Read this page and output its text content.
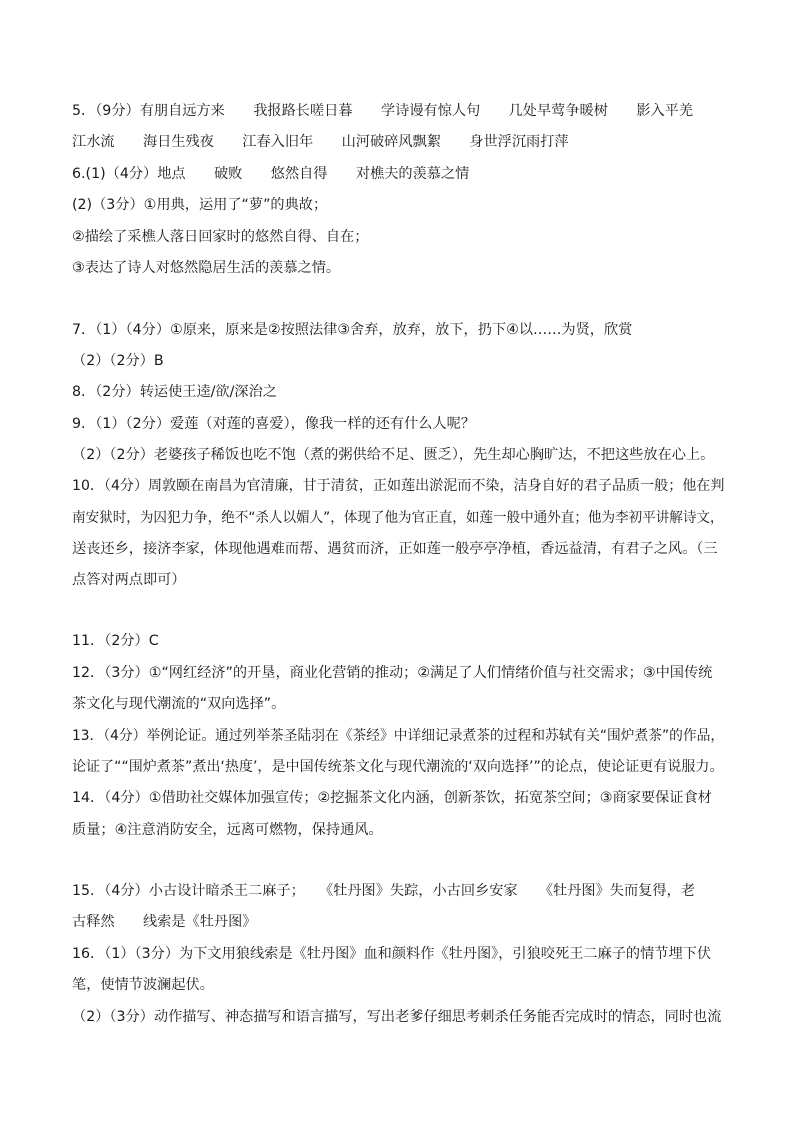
5．（9分）有朋自远方来　　我报路长嗟日暮　　学诗谩有惊人句　　几处早莺争暖树　　影入平羌
江水流　　海日生残夜　　江春入旧年　　山河破碎风飘絮　　身世浮沉雨打萍
6.(1)（4分）地点　　破败　　悠然自得　　对樵夫的羡慕之情
(2)（3分）①用典，运用了“萝”的典故；
②描绘了采樵人落日回家时的悠然自得、自在；
③表达了诗人对悠然隐居生活的羡慕之情。
7．（1）（4分）①原来，原来是②按照法律③舍弃，放弃，放下，扔下④以……为贤，欣赏
（2）（2分）B
8．（2分）转运使王逵/欲/深治之
9．（1）（2分）爱莲（对莲的喜爱），像我一样的还有什么人呢？
（2）（2分）老婆孩子稀饭也吃不饱（煮的粥供给不足、匮乏），先生却心胸旷达，不把这些放在心上。
10．（4分）周敦颐在南昌为官清廉，甘于清贫，正如莲出淤泥而不染，洁身自好的君子品质一般；他在判
南安狱时，为囚犯力争，绝不“杀人以媚人”，体现了他为官正直，如莲一般中通外直；他为李初平讲解诗文，
送丧还乡，接济李家，体现他遇难而帮、遇贫而济，正如莲一般亭亭净植，香远益清，有君子之风。（三
点答对两点即可）
11．（2分）C
12．（3分）①“网红经济”的开垦，商业化营销的推动；②满足了人们情绪价值与社交需求；③中国传统
茶文化与现代潮流的“双向选择”。
13．（4分）举例论证。通过列举茶圣陆羽在《茶经》中详细记录煮茶的过程和苏轼有关“围炉煮茶”的作品，
论证了““围炉煮茶”煮出‘热度’，是中国传统茶文化与现代潮流的‘双向选择’”的论点，使论证更有说服力。
14．（4分）①借助社交媒体加强宣传；②挖掘茶文化内涵，创新茶饮，拓宽茶空间；③商家要保证食材
质量；④注意消防安全，远离可燃物，保持通风。
15．（4分）小古设计暗杀王二麻子；　　《牡丹图》失踪，小古回乡安家　　《牡丹图》失而复得，老
古释然　　线索是《牡丹图》
16．（1）（3分）为下文用狼线索是《牡丹图》血和颜料作《牡丹图》，引狼咬死王二麻子的情节埋下伏
笔，使情节波澜起伏。
（2）（3分）动作描写、神态描写和语言描写，写出老爹仔细思考刺杀任务能否完成时的情态，同时也流
